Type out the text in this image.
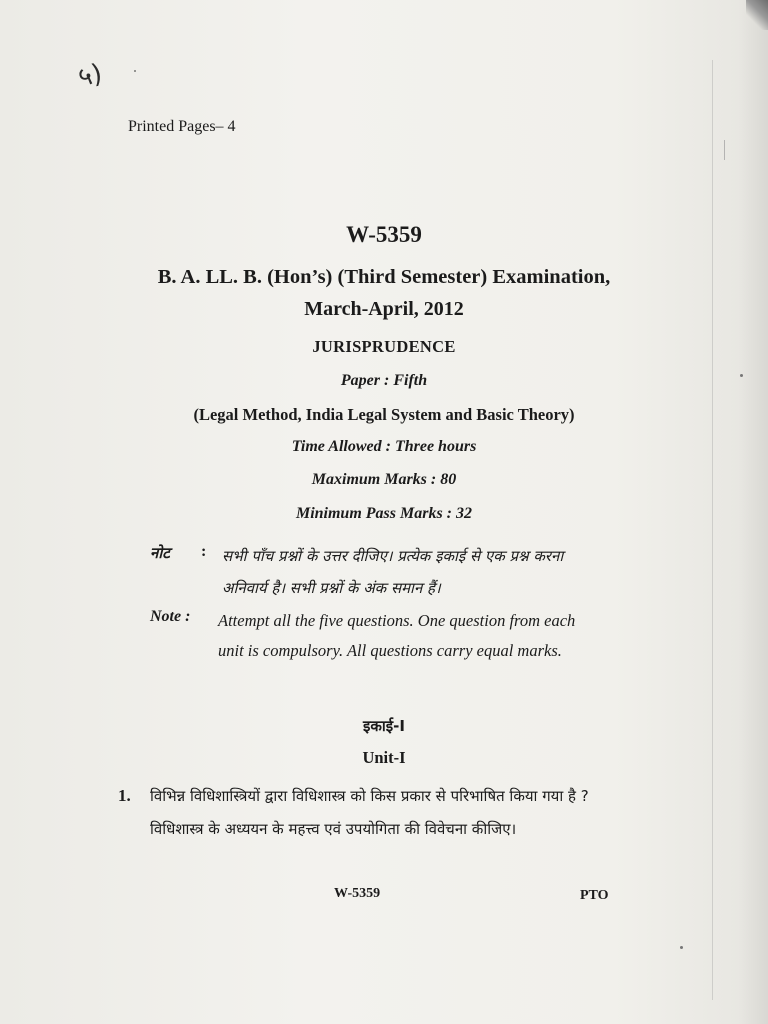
५)
Printed Pages– 4
W-5359
B. A. LL. B. (Hon’s) (Third Semester) Examination,
March-April, 2012
JURISPRUDENCE
Paper : Fifth
(Legal Method, India Legal System and Basic Theory)
Time Allowed : Three hours
Maximum Marks : 80
Minimum Pass Marks : 32
नोट : सभी पाँच प्रश्नों के उत्तर दीजिए। प्रत्येक इकाई से एक प्रश्न करना अनिवार्य है। सभी प्रश्नों के अंक समान हैं।
Note : Attempt all the five questions. One question from each unit is compulsory. All questions carry equal marks.
इकाई-I
Unit-I
1. विभिन्न विधिशास्त्रियों द्वारा विधिशास्त्र को किस प्रकार से परिभाषित किया गया है ? विधिशास्त्र के अध्ययन के महत्त्व एवं उपयोगिता की विवेचना कीजिए।
W-5359	PTO
